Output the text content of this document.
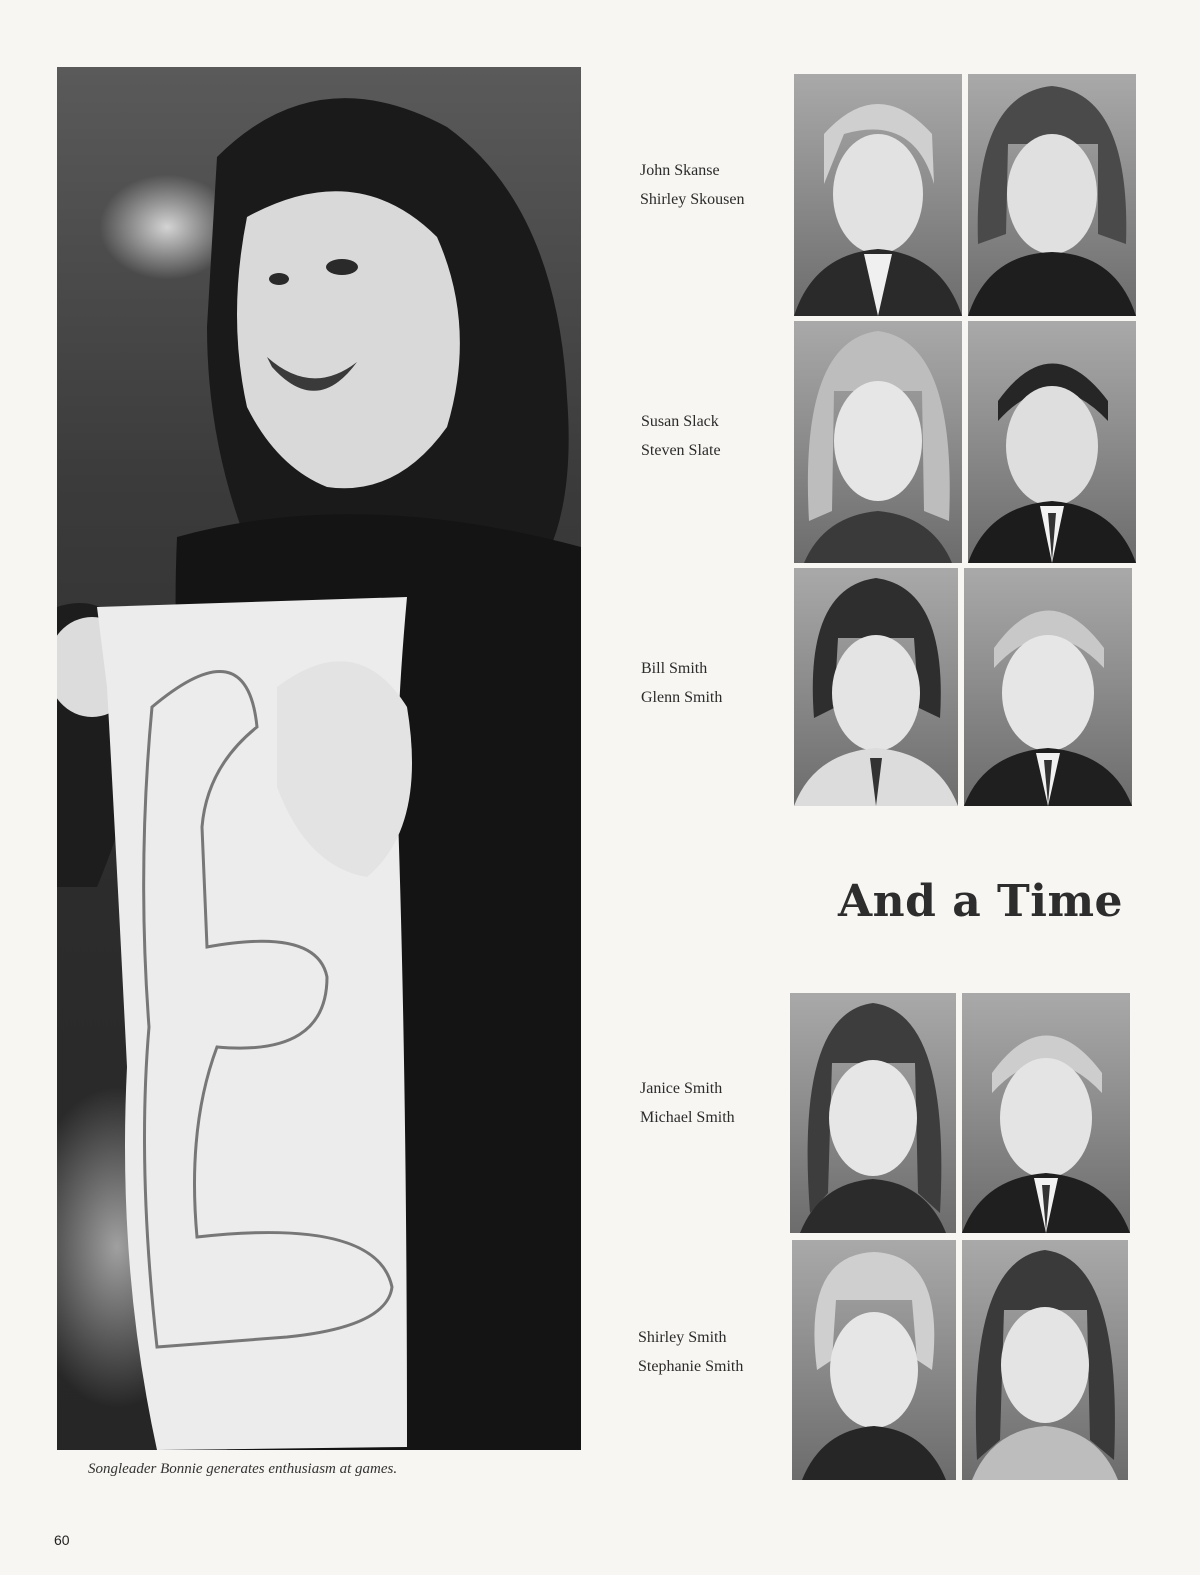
Songleader Bonnie generates enthusiasm at games.
60
John Skanse
Shirley Skousen
Susan Slack
Steven Slate
Bill Smith
Glenn Smith
Janice Smith
Michael Smith
Shirley Smith
Stephanie Smith
And a Time
